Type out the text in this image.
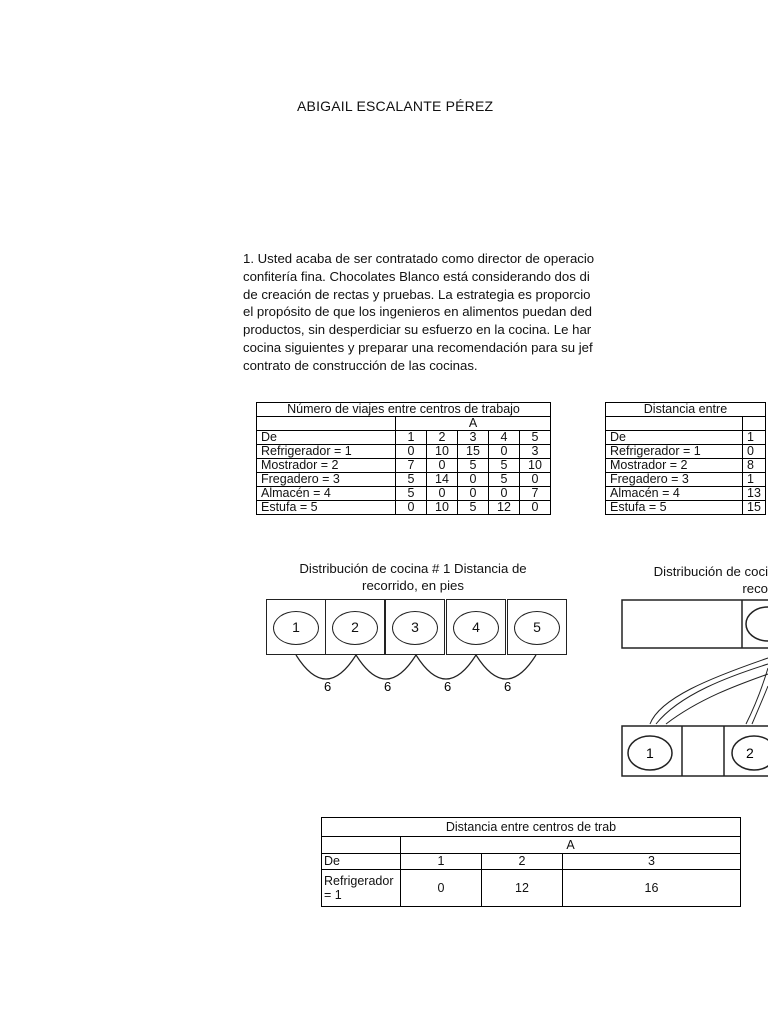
ABIGAIL ESCALANTE PÉREZ
1. Usted acaba de ser contratado como director de operacio
confitería fina. Chocolates Blanco está considerando dos di
de creación de rectas y pruebas. La estrategia es proporcio
el propósito de que los ingenieros en alimentos puedan ded
productos, sin desperdiciar su esfuerzo en la cocina. Le har
cocina siguientes y preparar una recomendación para su jef
contrato de construcción de las cocinas.
Número de viajes entre centros de trabajo					
	A				
De	1	2	3	4	5
Refrigerador = 1	0	10	15	0	3
Mostrador = 2	7	0	5	5	10
Fregadero = 3	5	14	0	5	0
Almacén = 4	5	0	0	0	7
Estufa = 5	0	10	5	12	0
Distancia entre	

De	1
Refrigerador = 1	0
Mostrador = 2	8
Fregadero = 3	1
Almacén = 4	13
Estufa = 5	15
Distribución de cocina # 1 Distancia de
recorrido, en pies
Distribución de coci
reco
1	2	3	4	5
6	6	6	6
1	2
Distancia entre centros de trab			
	A		
De	1	2	3

Refrigerador
= 1	0	12	16
